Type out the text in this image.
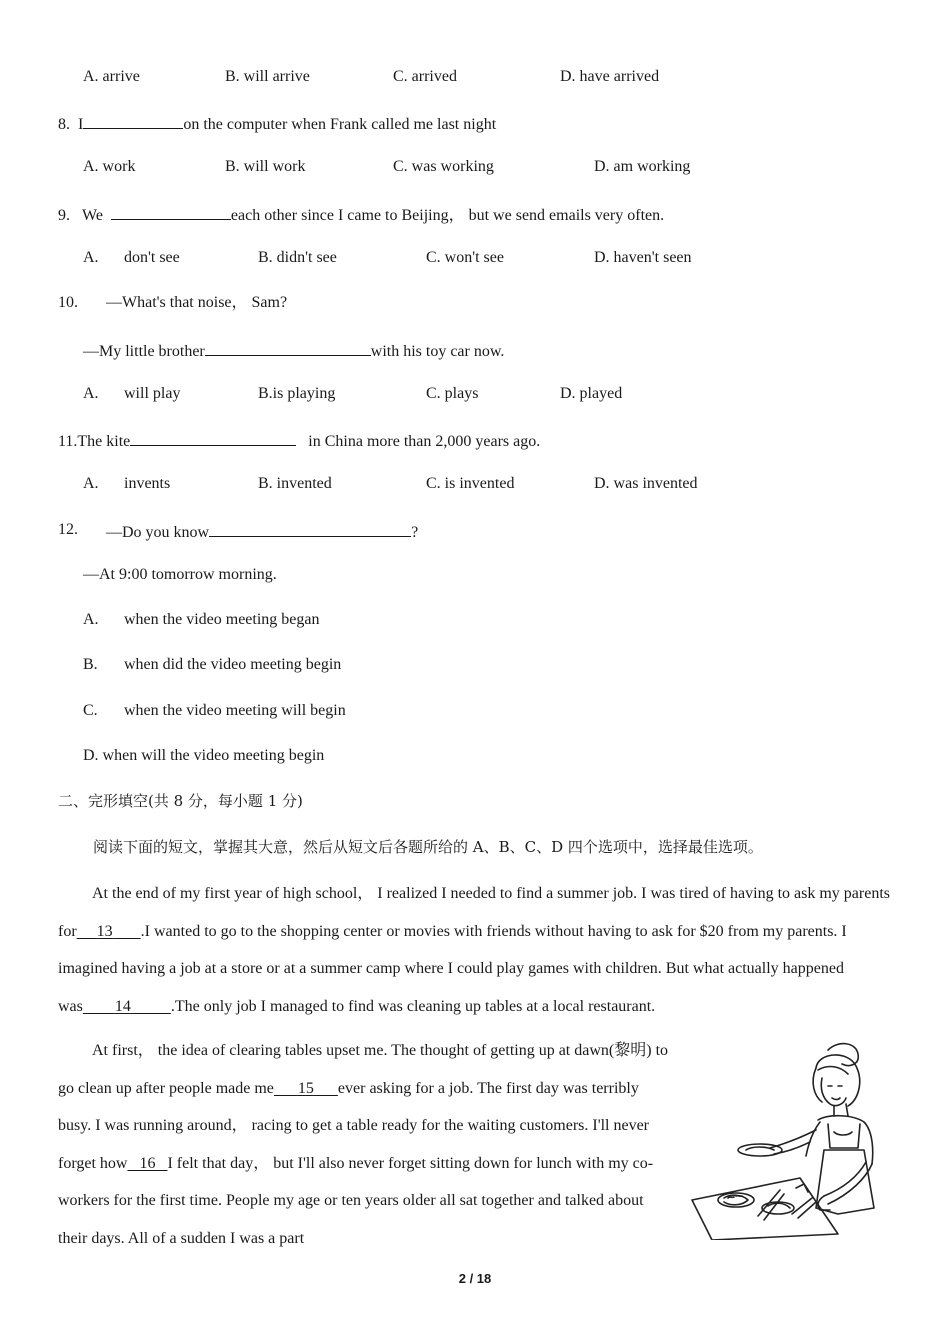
A. arrive	B. will arrive	C. arrived	D. have arrived
8. I	on the computer when Frank called me last night
A. work	B. will work	C. was working	D. am working
9. We	each other since I came to Beijing， but we send emails very often.
A. don't see	B. didn't see	C. won't see	D. haven't seen
10. —What's that noise， Sam?
—My little brother	with his toy car now.
A. will play	B.is playing	C. plays	D. played
11.The kite	in China more than 2,000 years ago.
A. invents	B. invented	C. is invented	D. was invented
12. —Do you know	?
—At 9:00 tomorrow morning.
A. when the video meeting began
B. when did the video meeting begin
C. when the video meeting will begin
D. when will the video meeting begin
二、完形填空(共 8 分，每小题 1 分)
阅读下面的短文，掌握其大意，然后从短文后各题所给的 A、B、C、D 四个选项中，选择最佳选项。
At the end of my first year of high school， I realized I needed to find a summer job. I was tired of having to ask my parents for 13 .I wanted to go to the shopping center or movies with friends without having to ask for $20 from my parents. I imagined having a job at a store or at a summer camp where I could play games with children. But what actually happened was 14	.The only job I managed to find was cleaning up tables at a local restaurant.
At first， the idea of clearing tables upset me. The thought of getting up at dawn(黎明) to go clean up after people made me 15 ever asking for a job. The first day was terribly busy. I was running around， racing to get a table ready for the waiting customers. I'll never forget how 16 I felt that day， but I'll also never forget sitting down for lunch with my co-workers for the first time. People my age or ten years older all sat together and talked about their days. All of a sudden I was a part
2 / 18
